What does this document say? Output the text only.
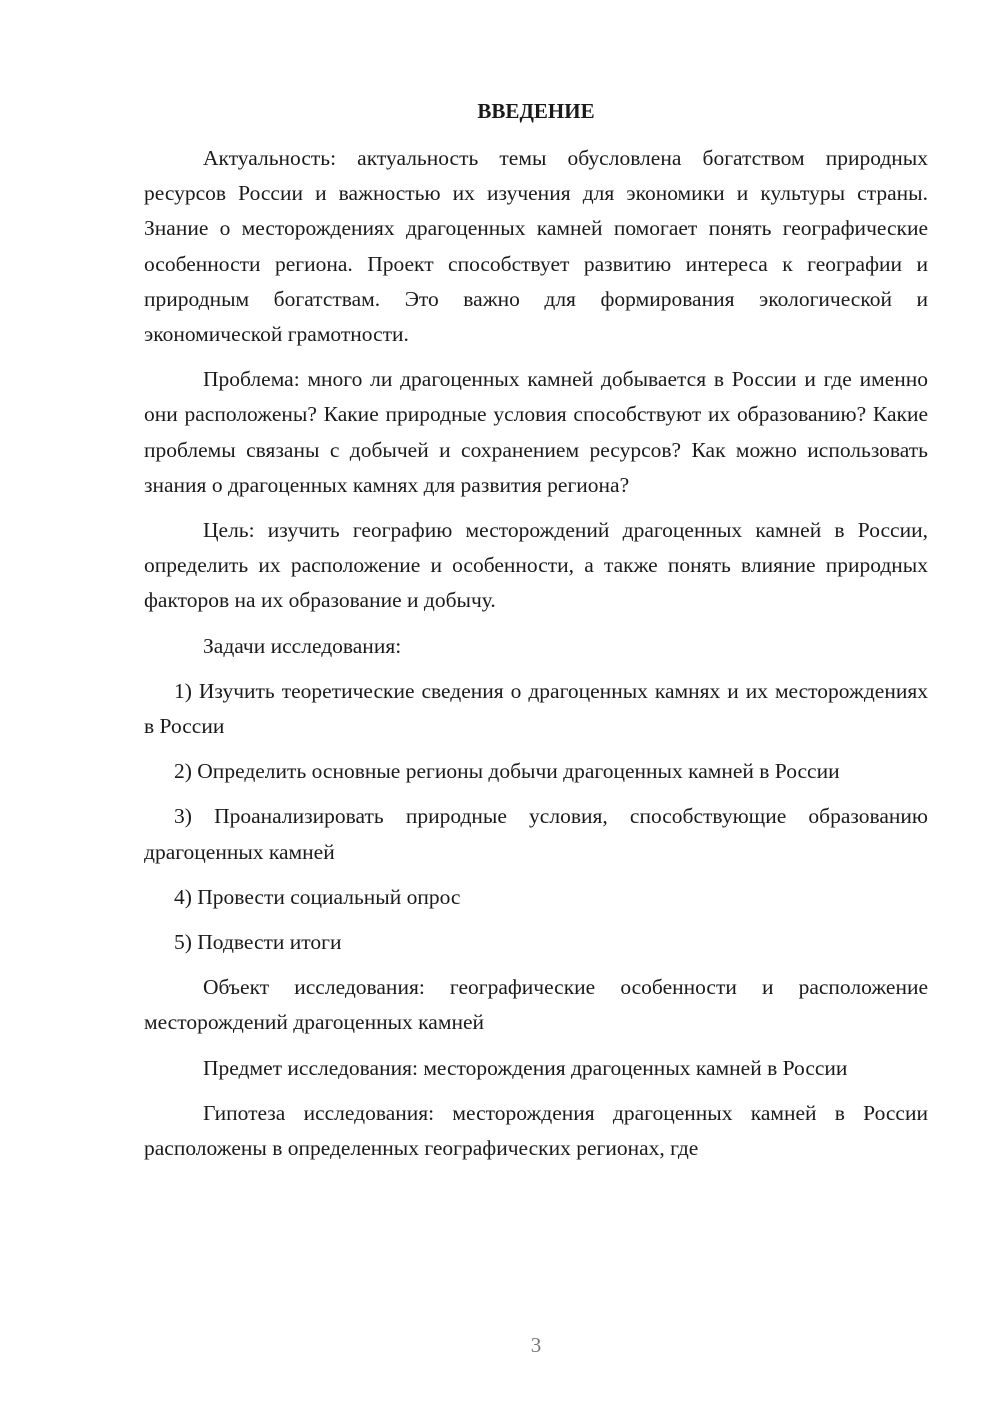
ВВЕДЕНИЕ

Актуальность: актуальность темы обусловлена богатством природных ресурсов России и важностью их изучения для экономики и культуры страны. Знание о месторождениях драгоценных камней помогает понять географические особенности региона. Проект способствует развитию интереса к географии и природным богатствам. Это важно для формирования экологической и экономической грамотности.

Проблема: много ли драгоценных камней добывается в России и где именно они расположены? Какие природные условия способствуют их образованию? Какие проблемы связаны с добычей и сохранением ресурсов? Как можно использовать знания о драгоценных камнях для развития региона?

Цель: изучить географию месторождений драгоценных камней в России, определить их расположение и особенности, а также понять влияние природных факторов на их образование и добычу.

Задачи исследования:

1) Изучить теоретические сведения о драгоценных камнях и их месторождениях в России

2) Определить основные регионы добычи драгоценных камней в России

3) Проанализировать природные условия, способствующие образованию драгоценных камней

4) Провести социальный опрос

5) Подвести итоги

Объект исследования: географические особенности и расположение месторождений драгоценных камней

Предмет исследования: месторождения драгоценных камней в России

Гипотеза исследования: месторождения драгоценных камней в России расположены в определенных географических регионах, где

3
